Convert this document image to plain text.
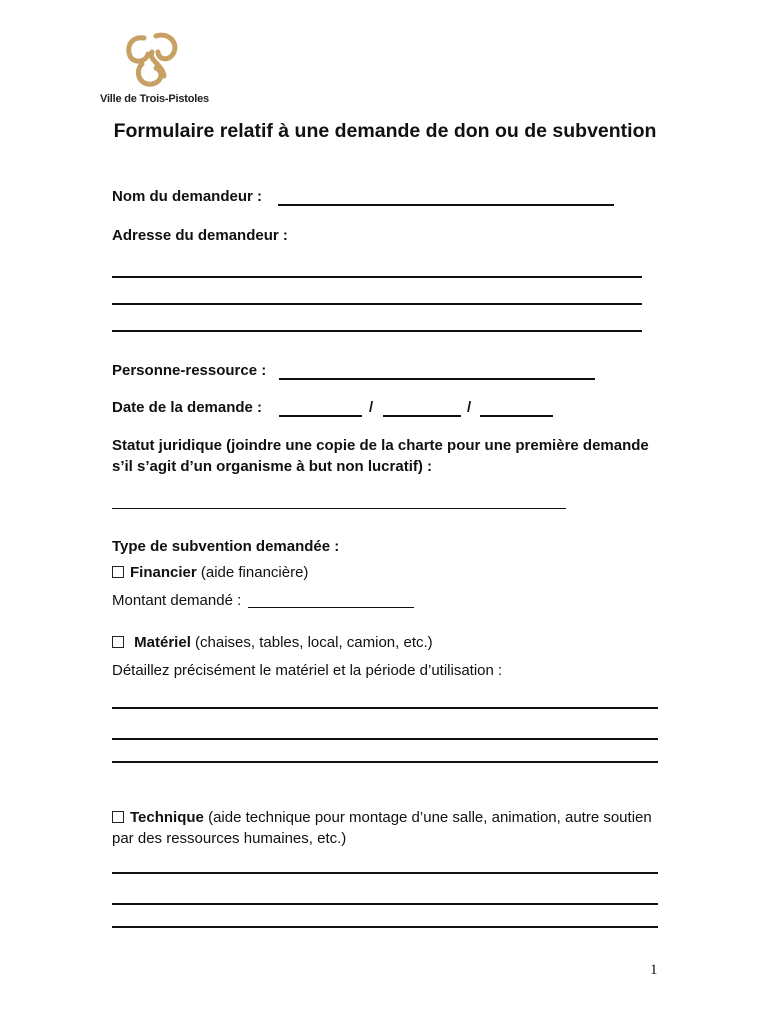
Ville de Trois-Pistoles
Formulaire relatif à une demande de don ou de subvention
Nom du demandeur :
Adresse du demandeur :
Personne-ressource :
Date de la demande :	/	/
Statut juridique (joindre une copie de la charte pour une première demande s’il s’agit d’un organisme à but non lucratif) :
Type de subvention demandée :
Financier (aide financière)
Montant demandé :
Matériel (chaises, tables, local, camion, etc.)
Détaillez précisément le matériel et la période d’utilisation :
Technique (aide technique pour montage d’une salle, animation, autre soutien par des ressources humaines, etc.)
1
